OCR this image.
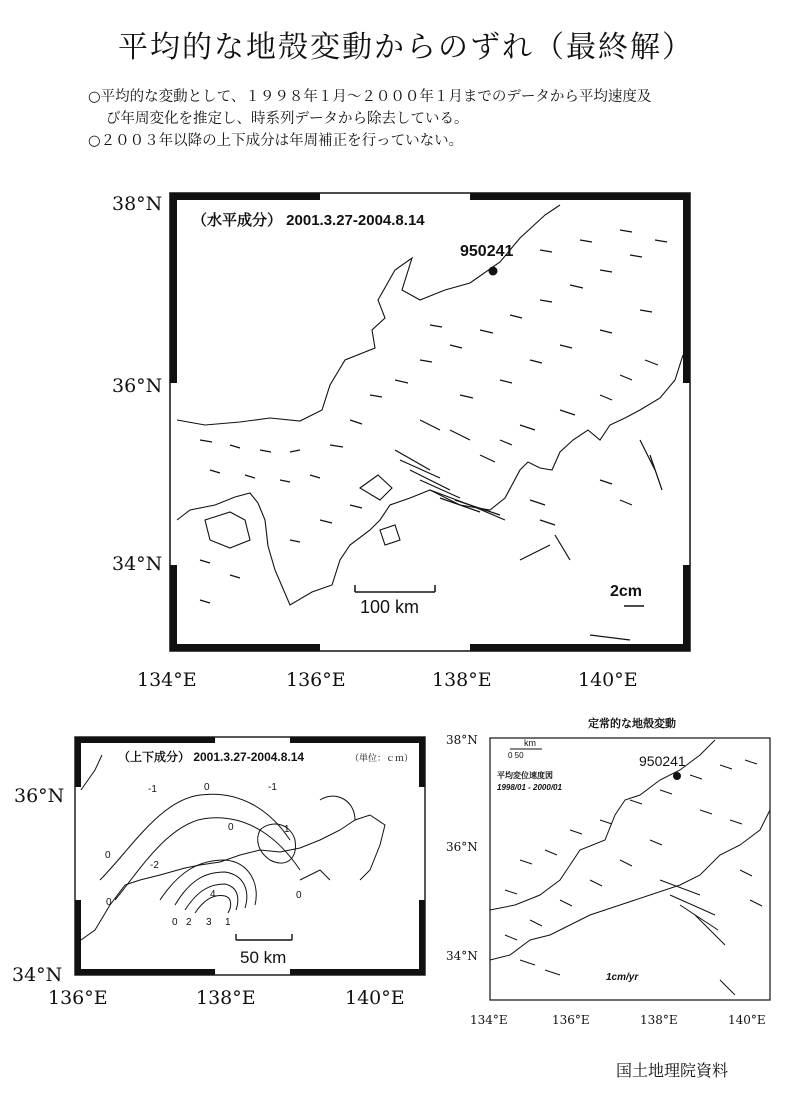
平均的な地殻変動からのずれ（最終解）
○平均的な変動として、１９９８年１月～２０００年１月までのデータから平均速度及
び年周変化を推定し、時系列データから除去している。
○２００３年以降の上下成分は年周補正を行っていない。
950241
（水平成分） 2001.3.27-2004.8.14
100 km
2cm
38°N
36°N
34°N
134°E	136°E	138°E	140°E
-1	0	-1
0	1
0
-2
0
2 3 1
4
0
0
（上下成分） 2001.3.27-2004.8.14	（単位：ｃｍ）
50 km
36°N
34°N
136°E	138°E	140°E
定常的な地殻変動
950241
km
0 50
平均変位速度図
1998/01 - 2000/01
1cm/yr
38°N
36°N
34°N
134°E	136°E	138°E	140°E
国土地理院資料
